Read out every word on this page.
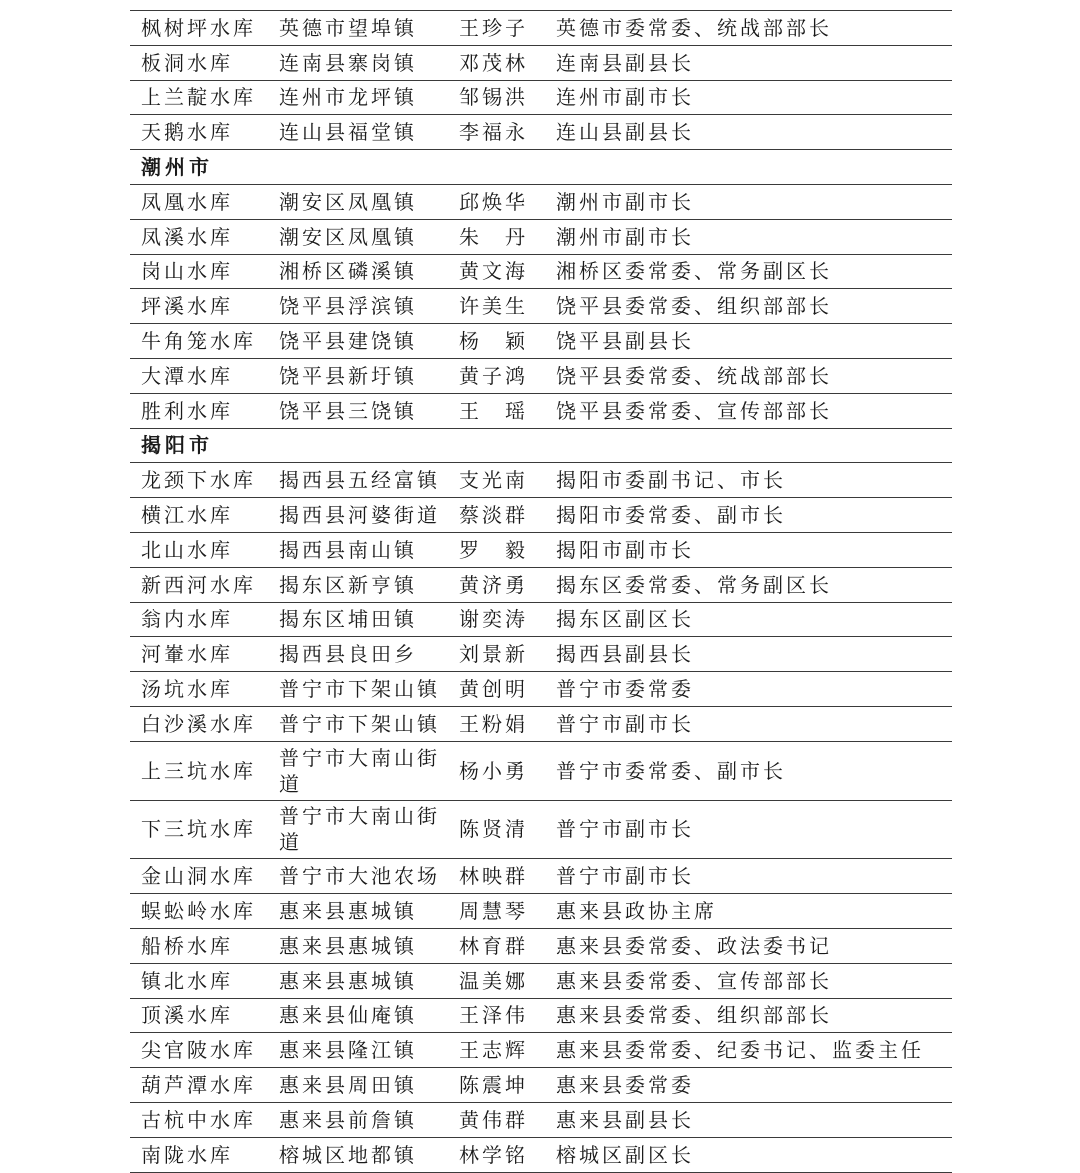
枫树坪水库	英德市望埠镇	王珍子	英德市委常委、统战部部长
板洞水库	连南县寨岗镇	邓茂林	连南县副县长
上兰靛水库	连州市龙坪镇	邹锡洪	连州市副市长
天鹅水库	连山县福堂镇	李福永	连山县副县长
潮州市			
凤凰水库	潮安区凤凰镇	邱焕华	潮州市副市长
凤溪水库	潮安区凤凰镇	朱　丹	潮州市副市长
岗山水库	湘桥区磷溪镇	黄文海	湘桥区委常委、常务副区长
坪溪水库	饶平县浮滨镇	许美生	饶平县委常委、组织部部长
牛角笼水库	饶平县建饶镇	杨　颖	饶平县副县长
大潭水库	饶平县新圩镇	黄子鸿	饶平县委常委、统战部部长
胜利水库	饶平县三饶镇	王　瑶	饶平县委常委、宣传部部长
揭阳市			
龙颈下水库	揭西县五经富镇	支光南	揭阳市委副书记、市长
横江水库	揭西县河婆街道	蔡淡群	揭阳市委常委、副市长
北山水库	揭西县南山镇	罗　毅	揭阳市副市长
新西河水库	揭东区新亨镇	黄济勇	揭东区委常委、常务副区长
翁内水库	揭东区埔田镇	谢奕涛	揭东区副区长
河輋水库	揭西县良田乡	刘景新	揭西县副县长
汤坑水库	普宁市下架山镇	黄创明	普宁市委常委
白沙溪水库	普宁市下架山镇	王粉娟	普宁市副市长
上三坑水库	普宁市大南山街道	杨小勇	普宁市委常委、副市长
下三坑水库	普宁市大南山街道	陈贤清	普宁市副市长
金山洞水库	普宁市大池农场	林映群	普宁市副市长
蜈蚣岭水库	惠来县惠城镇	周慧琴	惠来县政协主席
船桥水库	惠来县惠城镇	林育群	惠来县委常委、政法委书记
镇北水库	惠来县惠城镇	温美娜	惠来县委常委、宣传部部长
顶溪水库	惠来县仙庵镇	王泽伟	惠来县委常委、组织部部长
尖官陂水库	惠来县隆江镇	王志辉	惠来县委常委、纪委书记、监委主任
葫芦潭水库	惠来县周田镇	陈震坤	惠来县委常委
古杭中水库	惠来县前詹镇	黄伟群	惠来县副县长
南陇水库	榕城区地都镇	林学铭	榕城区副区长
